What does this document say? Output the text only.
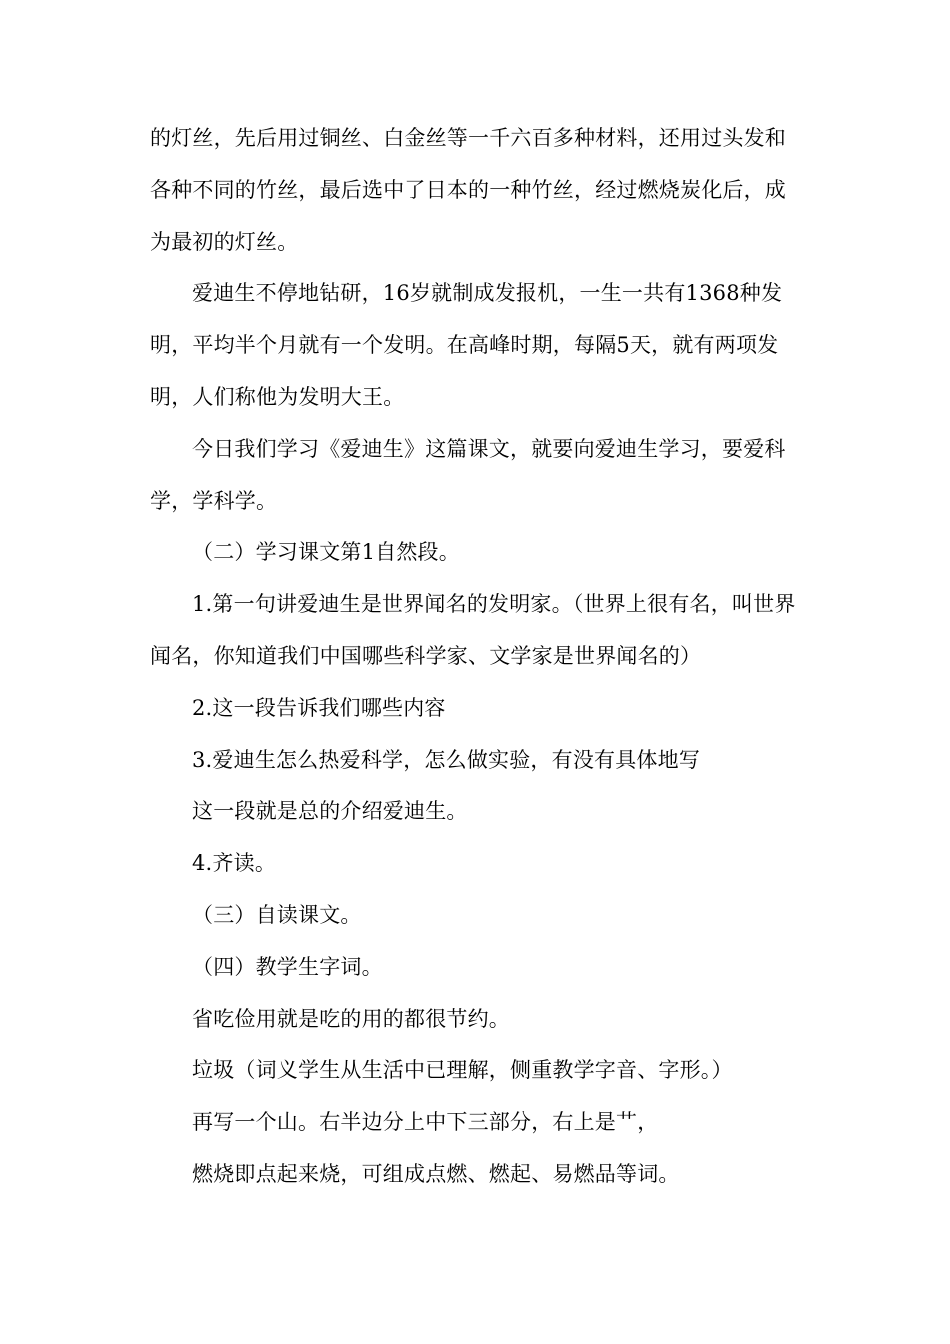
的灯丝，先后用过铜丝、白金丝等一千六百多种材料，还用过头发和各种不同的竹丝，最后选中了日本的一种竹丝，经过燃烧炭化后，成为最初的灯丝。

爱迪生不停地钻研，16岁就制成发报机，一生一共有1368种发明，平均半个月就有一个发明。在高峰时期，每隔5天，就有两项发明，人们称他为发明大王。

今日我们学习《爱迪生》这篇课文，就要向爱迪生学习，要爱科学，学科学。

（二）学习课文第1自然段。

1.第一句讲爱迪生是世界闻名的发明家。（世界上很有名，叫世界闻名，你知道我们中国哪些科学家、文学家是世界闻名的）

2.这一段告诉我们哪些内容

3.爱迪生怎么热爱科学，怎么做实验，有没有具体地写

这一段就是总的介绍爱迪生。

4.齐读。

（三）自读课文。

（四）教学生字词。

省吃俭用就是吃的用的都很节约。

垃圾（词义学生从生活中已理解，侧重教学字音、字形。）

再写一个山。右半边分上中下三部分，右上是艹，

燃烧即点起来烧，可组成点燃、燃起、易燃品等词。
